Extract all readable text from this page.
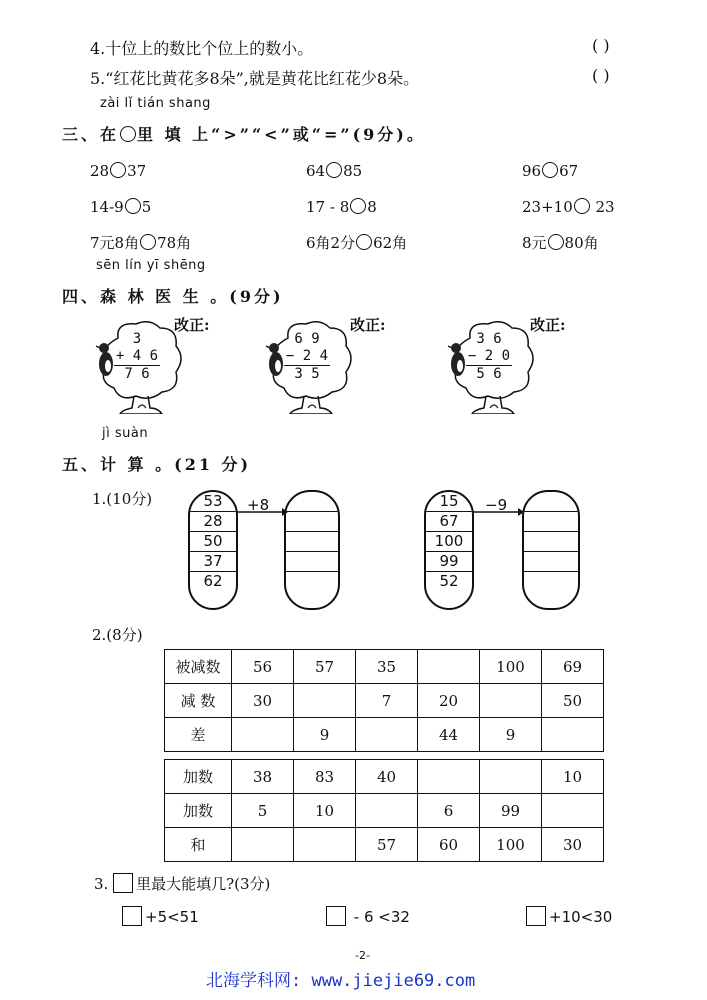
4.十位上的数比个位上的数小。	( )
5.“红花比黄花多8朵”,就是黄花比红花少8朵。	( )
zài lǐ tián shang
三、在 里 填 上“>”“<”或“=”(9分)。
sēn lín yī shēng
四、森 林 医 生 。(9分)
jì suàn
五、计 算 。(21 分)
1.(10分)	53
28
50
37
62
+8	15
67
100
99
52
−9
2.(8分)
被减数	56	57	35		100	69
减 数	30		7	20		50
差		9		44	9	
加数	38	83	40			10
加数	5	10		6	99	
和			57	60	100	30
3. 里最大能填几?(3分)
-2-
北海学科网: www.jiejie69.com
28 37	64 85	96 67
14-9 5	17 - 8 8	23+10 23
7元8角 78角	6角2分 62角	8元 80角
3
+ 4 6
7 6
改正:
6 9
− 2 4
3 5
改正:
3 6
− 2 0
5 6
改正:
+5<51	- 6 <32	+10<30
